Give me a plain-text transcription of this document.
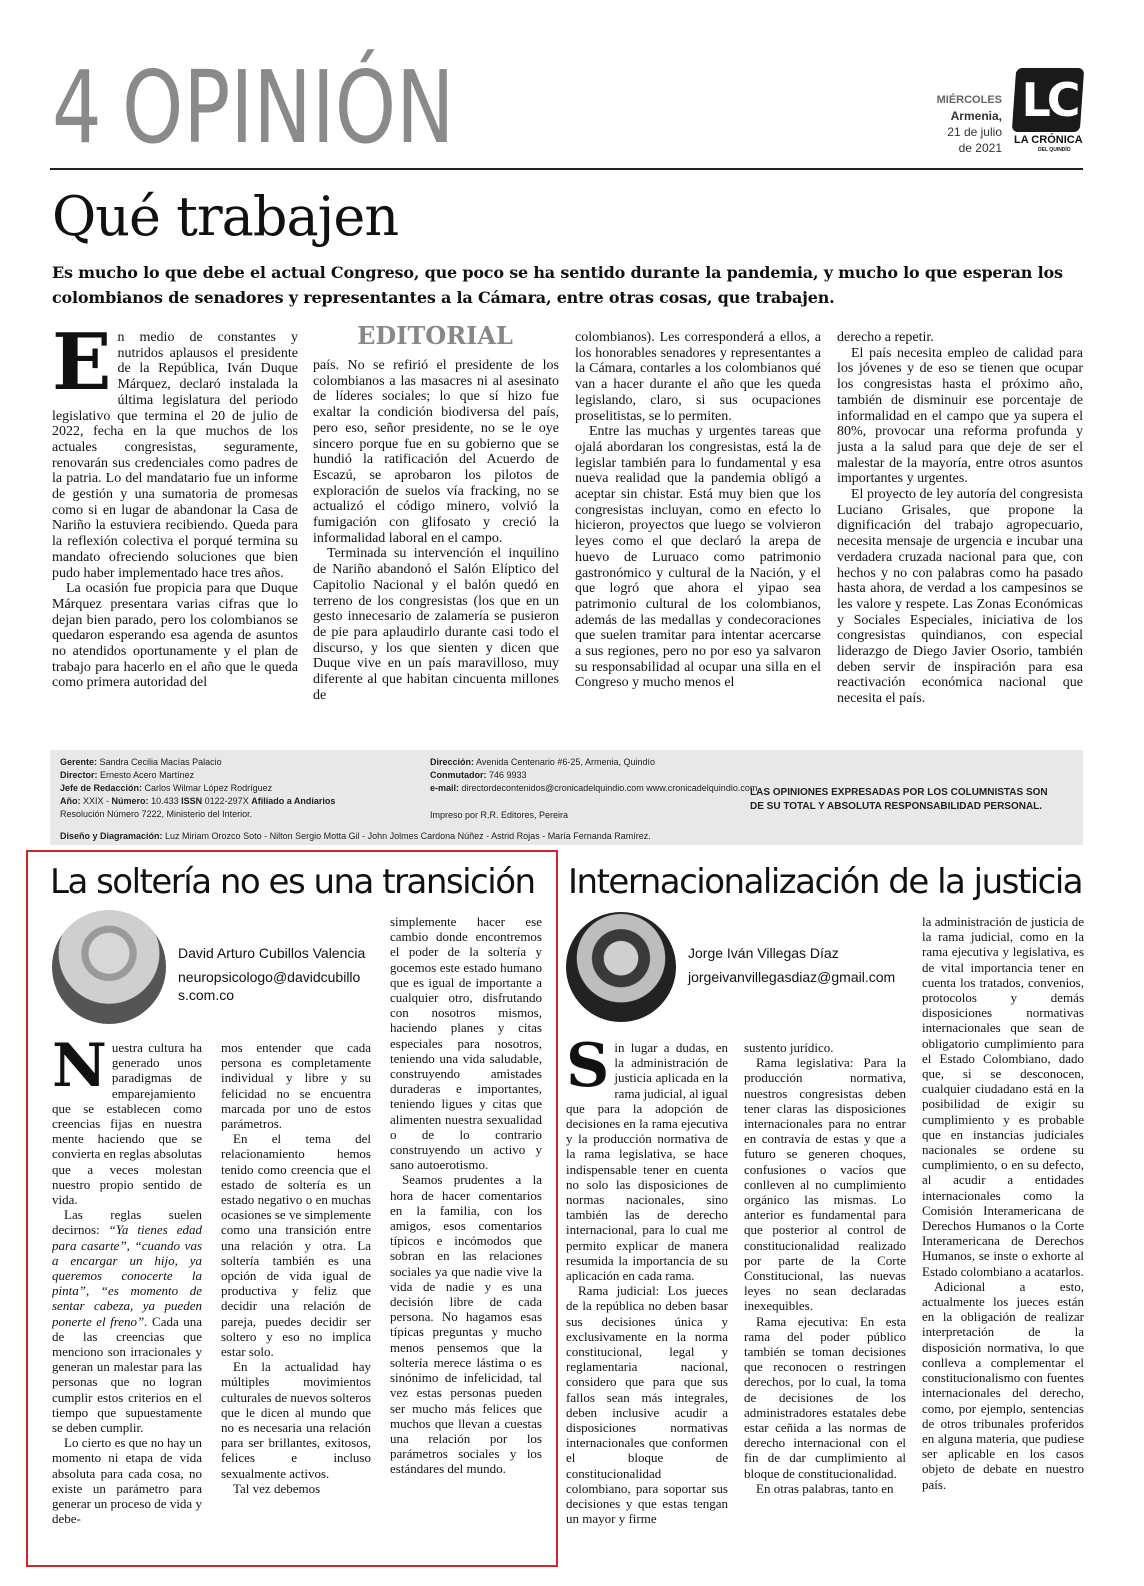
4 OPINIÓN	MIÉRCOLES
Armenia,
21 de julio
de 2021
LC
LA CRÓNICA
DEL QUINDÍO
Qué trabajen
Es mucho lo que debe el actual Congreso, que poco se ha sentido durante la pandemia, y mucho lo que esperan los colombianos de senadores y representantes a la Cámara, entre otras cosas, que trabajen.
EDITORIAL
E n medio de constantes y nutridos aplausos el presidente de la República, Iván Duque Márquez, declaró instalada la última legislatura del periodo legislativo que termina el 20 de julio de 2022, fecha en la que muchos de los actuales congresistas, seguramente, renovarán sus credenciales como padres de la patria. Lo del mandatario fue un informe de gestión y una sumatoria de promesas como si en lugar de abandonar la Casa de Nariño la estuviera recibiendo. Queda para la reflexión colectiva el porqué termina su mandato ofreciendo soluciones que bien pudo haber implementado hace tres años.

La ocasión fue propicia para que Duque Márquez presentara varias cifras que lo dejan bien parado, pero los colombianos se quedaron esperando esa agenda de asuntos no atendidos oportunamente y el plan de trabajo para hacerlo en el año que le queda como primera autoridad del

país. No se refirió el presidente de los colombianos a las masacres ni al asesinato de líderes sociales; lo que sí hizo fue exaltar la condición biodiversa del país, pero eso, señor presidente, no se le oye sincero porque fue en su gobierno que se hundió la ratificación del Acuerdo de Escazú, se aprobaron los pilotos de exploración de suelos vía fracking, no se actualizó el código minero, volvió la fumigación con glifosato y creció la informalidad laboral en el campo.

Terminada su intervención el inquilino de Nariño abandonó el Salón Elíptico del Capitolio Nacional y el balón quedó en terreno de los congresistas (los que en un gesto innecesario de zalamería se pusieron de pie para aplaudirlo durante casi todo el discurso, y los que sienten y dicen que Duque vive en un país maravilloso, muy diferente al que habitan cincuenta millones de

colombianos). Les corresponderá a ellos, a los honorables senadores y representantes a la Cámara, contarles a los colombianos qué van a hacer durante el año que les queda legislando, claro, si sus ocupaciones proselitistas, se lo permiten.

Entre las muchas y urgentes tareas que ojalá abordaran los congresistas, está la de legislar también para lo fundamental y esa nueva realidad que la pandemia obligó a aceptar sin chistar. Está muy bien que los congresistas incluyan, como en efecto lo hicieron, proyectos que luego se volvieron leyes como el que declaró la arepa de huevo de Luruaco como patrimonio gastronómico y cultural de la Nación, y el que logró que ahora el yipao sea patrimonio cultural de los colombianos, además de las medallas y condecoraciones que suelen tramitar para intentar acercarse a sus regiones, pero no por eso ya salvaron su responsabilidad al ocupar una silla en el Congreso y mucho menos el

derecho a repetir.

El país necesita empleo de calidad para los jóvenes y de eso se tienen que ocupar los congresistas hasta el próximo año, también de disminuir ese porcentaje de informalidad en el campo que ya supera el 80%, provocar una reforma profunda y justa a la salud para que deje de ser el malestar de la mayoría, entre otros asuntos importantes y urgentes.

El proyecto de ley autoría del congresista Luciano Grisales, que propone la dignificación del trabajo agropecuario, necesita mensaje de urgencia e incubar una verdadera cruzada nacional para que, con hechos y no con palabras como ha pasado hasta ahora, de verdad a los campesinos se les valore y respete. Las Zonas Económicas y Sociales Especiales, iniciativa de los congresistas quindianos, con especial liderazgo de Diego Javier Osorio, también deben servir de inspiración para esa reactivación económica nacional que necesita el país.

Gerente: Sandra Cecilia Macías Palacio
Director: Ernesto Acero Martínez
Jefe de Redacción: Carlos Wilmar López Rodríguez
Año: XXIX - Número: 10.433 ISSN 0122-297X Afiliado a Andiarios
Resolución Número 7222, Ministerio del Interior.
Diseño y Diagramación: Luz Miriam Orozco Soto - Nilton Sergio Motta Gil - John Jolmes Cardona Núñez - Astrid Rojas - María Fernanda Ramírez.
Dirección: Avenida Centenario #6-25, Armenia, Quindío
Conmutador: 746 9933
e-mail: directordecontenidos@cronicadelquindio.com www.cronicadelquindio.com
Impreso por R.R. Editores, Pereira
LAS OPINIONES EXPRESADAS POR LOS COLUMNISTAS SON DE SU TOTAL Y ABSOLUTA RESPONSABILIDAD PERSONAL.
La soltería no es una transición
David Arturo Cubillos Valencia
neuropsicologo@davidcubillos.com.co
N uestra cultura ha generado unos paradigmas de emparejamiento que se establecen como creencias fijas en nuestra mente haciendo que se convierta en reglas absolutas que a veces molestan nuestro propio sentido de vida.

Las reglas suelen decirnos: “Ya tienes edad para casarte”, “cuando vas a encargar un hijo, ya queremos conocerte la pinta”, “es momento de sentar cabeza, ya pueden ponerte el freno”. Cada una de las creencias que menciono son irracionales y generan un malestar para las personas que no logran cumplir estos criterios en el tiempo que supuestamente se deben cumplir.

Lo cierto es que no hay un momento ni etapa de vida absoluta para cada cosa, no existe un parámetro para generar un proceso de vida y debe-

mos entender que cada persona es completamente individual y libre y su felicidad no se encuentra marcada por uno de estos parámetros.

En el tema del relacionamiento hemos tenido como creencia que el estado de soltería es un estado negativo o en muchas ocasiones se ve simplemente como una transición entre una relación y otra. La soltería también es una opción de vida igual de productiva y feliz que decidir una relación de pareja, puedes decidir ser soltero y eso no implica estar solo.

En la actualidad hay múltiples movimientos culturales de nuevos solteros que le dicen al mundo que no es necesaria una relación para ser brillantes, exitosos, felices e incluso sexualmente activos.

Tal vez debemos

simplemente hacer ese cambio donde encontremos el poder de la soltería y gocemos este estado humano que es igual de importante a cualquier otro, disfrutando con nosotros mismos, haciendo planes y citas especiales para nosotros, teniendo una vida saludable, construyendo amistades duraderas e importantes, teniendo ligues y citas que alimenten nuestra sexualidad o de lo contrario construyendo un activo y sano autoerotismo.

Seamos prudentes a la hora de hacer comentarios en la familia, con los amigos, esos comentarios típicos e incómodos que sobran en las relaciones sociales ya que nadie vive la vida de nadie y es una decisión libre de cada persona. No hagamos esas típicas preguntas y mucho menos pensemos que la soltería merece lástima o es sinónimo de infelicidad, tal vez estas personas pueden ser mucho más felices que muchos que llevan a cuestas una relación por los parámetros sociales y los estándares del mundo.

Internacionalización de la justicia
Jorge Iván Villegas Díaz
jorgeivanvillegasdiaz@gmail.com
S in lugar a dudas, en la administración de justicia aplicada en la rama judicial, al igual que para la adopción de decisiones en la rama ejecutiva y la producción normativa de la rama legislativa, se hace indispensable tener en cuenta no solo las disposiciones de normas nacionales, sino también las de derecho internacional, para lo cual me permito explicar de manera resumida la importancia de su aplicación en cada rama.

Rama judicial: Los jueces de la república no deben basar sus decisiones única y exclusivamente en la norma constitucional, legal y reglamentaria nacional, considero que para que sus fallos sean más integrales, deben inclusive acudir a disposiciones normativas internacionales que conformen el bloque de constitucionalidad colombiano, para soportar sus decisiones y que estas tengan un mayor y firme

sustento jurídico.

Rama legislativa: Para la producción normativa, nuestros congresistas deben tener claras las disposiciones internacionales para no entrar en contravía de estas y que a futuro se generen choques, confusiones o vacíos que conlleven al no cumplimiento orgánico las mismas. Lo anterior es fundamental para que posterior al control de constitucionalidad realizado por parte de la Corte Constitucional, las nuevas leyes no sean declaradas inexequibles.

Rama ejecutiva: En esta rama del poder público también se toman decisiones que reconocen o restringen derechos, por lo cual, la toma de decisiones de los administradores estatales debe estar ceñida a las normas de derecho internacional con el fin de dar cumplimiento al bloque de constitucionalidad.

En otras palabras, tanto en

la administración de justicia de la rama judicial, como en la rama ejecutiva y legislativa, es de vital importancia tener en cuenta los tratados, convenios, protocolos y demás disposiciones normativas internacionales que sean de obligatorio cumplimiento para el Estado Colombiano, dado que, si se desconocen, cualquier ciudadano está en la posibilidad de exigir su cumplimiento y es probable que en instancias judiciales nacionales se ordene su cumplimiento, o en su defecto, al acudir a entidades internacionales como la Comisión Interamericana de Derechos Humanos o la Corte Interamericana de Derechos Humanos, se inste o exhorte al Estado colombiano a acatarlos.

Adicional a esto, actualmente los jueces están en la obligación de realizar interpretación de la disposición normativa, lo que conlleva a complementar el constitucionalismo con fuentes internacionales del derecho, como, por ejemplo, sentencias de otros tribunales proferidos en alguna materia, que pudiese ser aplicable en los casos objeto de debate en nuestro país.
